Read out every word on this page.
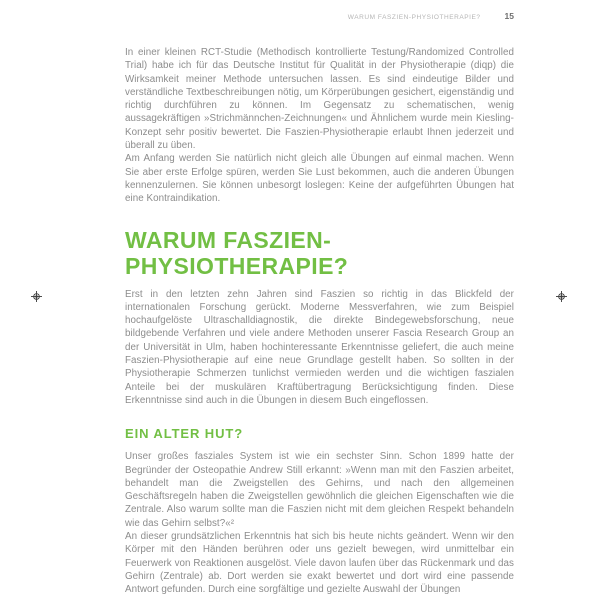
WARUM FASZIEN-PHYSIOTHERAPIE?	15

In einer kleinen RCT-Studie (Methodisch kontrollierte Testung/Randomized Controlled Trial) habe ich für das Deutsche Institut für Qualität in der Physiotherapie (diqp) die Wirksamkeit meiner Methode untersuchen lassen. Es sind eindeutige Bilder und verständliche Textbeschreibungen nötig, um Körperübungen gesichert, eigenständig und richtig durchführen zu können. Im Gegensatz zu schematischen, wenig aussagekräftigen »Strichmännchen-Zeichnungen« und Ähnlichem wurde mein Kiesling-Konzept sehr positiv bewertet. Die Faszien-Physiotherapie erlaubt Ihnen jederzeit und überall zu üben.

Am Anfang werden Sie natürlich nicht gleich alle Übungen auf einmal machen. Wenn Sie aber erste Erfolge spüren, werden Sie Lust bekommen, auch die anderen Übungen kennenzulernen. Sie können unbesorgt loslegen: Keine der aufgeführten Übungen hat eine Kontraindikation.

WARUM FASZIEN-PHYSIOTHERAPIE?

Erst in den letzten zehn Jahren sind Faszien so richtig in das Blickfeld der internationalen Forschung gerückt. Moderne Messverfahren, wie zum Beispiel hochaufgelöste Ultraschalldiagnostik, die direkte Bindegewebsforschung, neue bildgebende Verfahren und viele andere Methoden unserer Fascia Research Group an der Universität in Ulm, haben hochinteressante Erkenntnisse geliefert, die auch meine Faszien-Physiotherapie auf eine neue Grundlage gestellt haben. So sollten in der Physiotherapie Schmerzen tunlichst vermieden werden und die wichtigen faszialen Anteile bei der muskulären Kraftübertragung Berücksichtigung finden. Diese Erkenntnisse sind auch in die Übungen in diesem Buch eingeflossen.

EIN ALTER HUT?

Unser großes fasziales System ist wie ein sechster Sinn. Schon 1899 hatte der Begründer der Osteopathie Andrew Still erkannt: »Wenn man mit den Faszien arbeitet, behandelt man die Zweigstellen des Gehirns, und nach den allgemeinen Geschäftsregeln haben die Zweigstellen gewöhnlich die gleichen Eigenschaften wie die Zentrale. Also warum sollte man die Faszien nicht mit dem gleichen Respekt behandeln wie das Gehirn selbst?«²

An dieser grundsätzlichen Erkenntnis hat sich bis heute nichts geändert. Wenn wir den Körper mit den Händen berühren oder uns gezielt bewegen, wird unmittelbar ein Feuerwerk von Reaktionen ausgelöst. Viele davon laufen über das Rückenmark und das Gehirn (Zentrale) ab. Dort werden sie exakt bewertet und dort wird eine passende Antwort gefunden. Durch eine sorgfältige und gezielte Auswahl der Übungen
